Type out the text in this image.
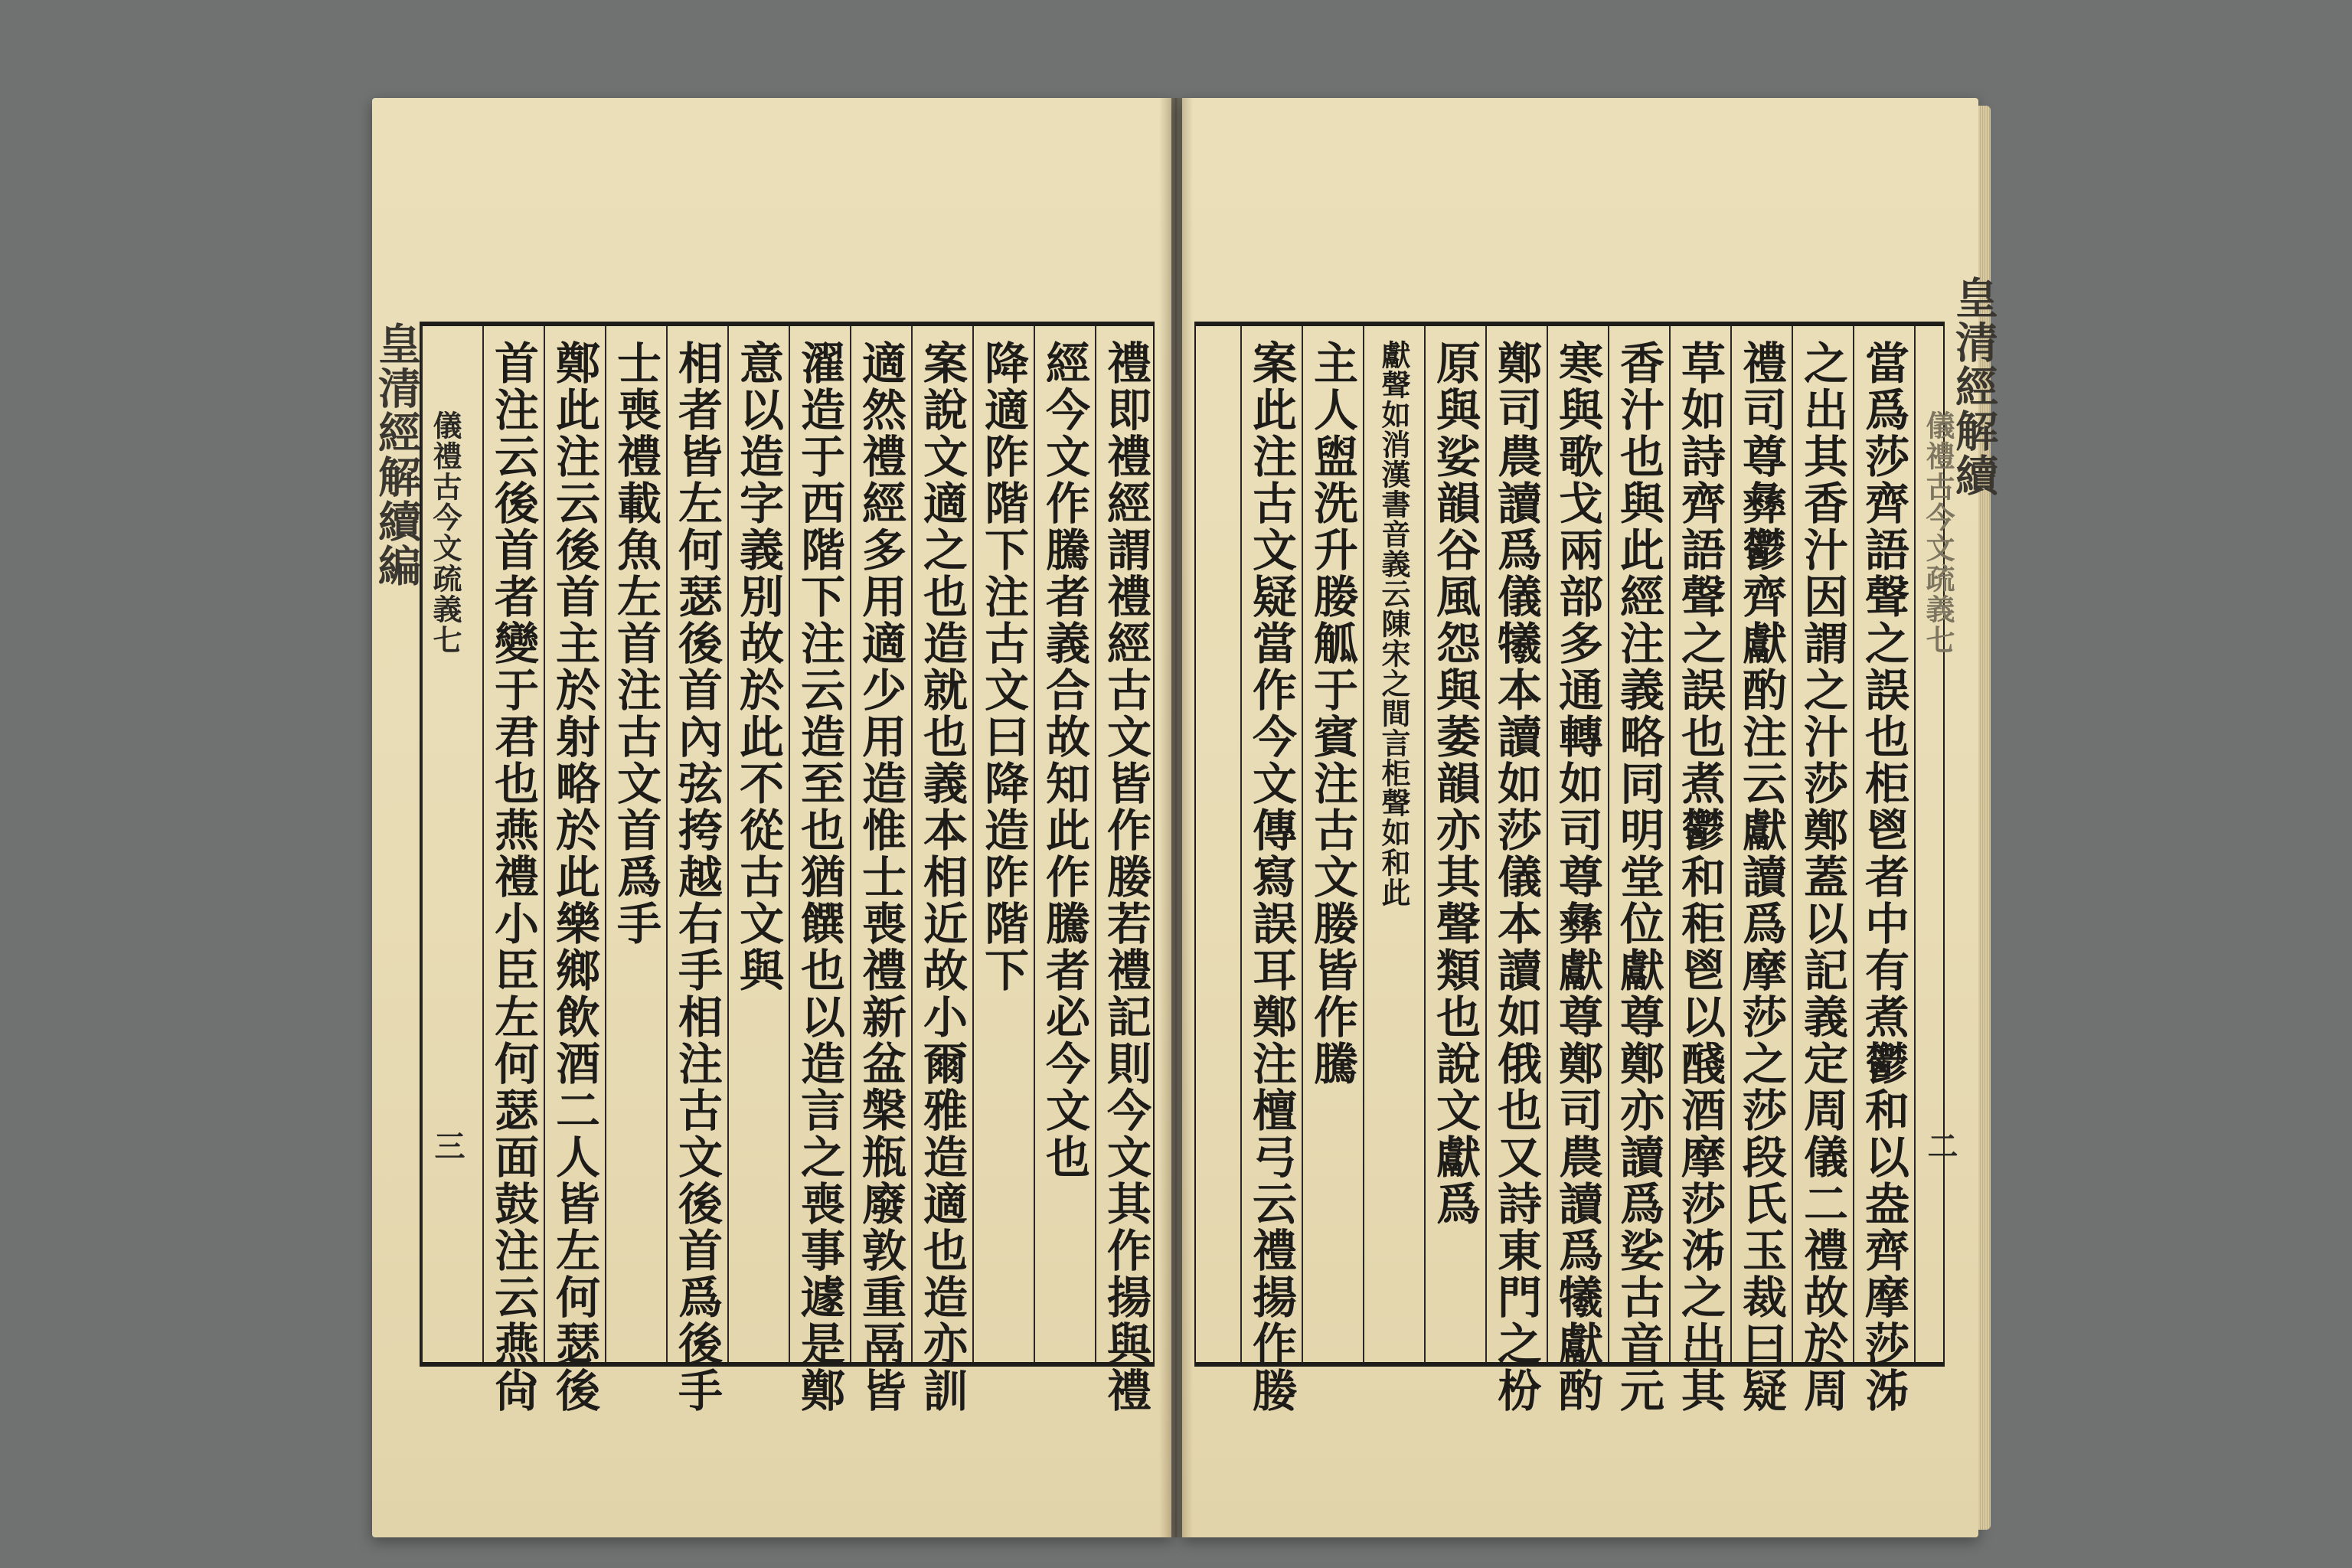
皇清經解續
皇清經解續編 儀禮古今文疏義七
三	禮即禮經謂禮經古文皆作媵若禮記則今文其作揚與禮
經今文作騰者義合故知此作騰者必今文也
降適阼階下注古文曰降造阼階下
案說文適之也造就也義本相近故小爾雅造適也造亦訓
適然禮經多用適少用造惟士喪禮新盆槃瓶廢敦重鬲皆
濯造于西階下注云造至也猶饌也以造言之喪事遽是鄭
意以造字義別故於此不從古文與
相者皆左何瑟後首內弦挎越右手相注古文後首爲後手
士喪禮載魚左首注古文首爲手
鄭此注云後首主於射略於此樂鄉飲酒二人皆左何瑟後
首注云後首者變于君也燕禮小臣左何瑟面鼓注云燕尙	儀禮古今文疏義七
二
當爲莎齊語聲之誤也柜鬯者中有煮鬱和以盎齊摩莎泲
之出其香汁因謂之汁莎鄭蓋以記義定周儀二禮故於周
禮司尊彝鬱齊獻酌注云獻讀爲摩莎之莎段氏玉裁曰疑
草如詩齊語聲之誤也煮鬱和秬鬯以醆酒摩莎泲之出其
香汁也與此經注義略同明堂位獻尊鄭亦讀爲娑古音元
寒與歌戈兩部多通轉如司尊彝獻尊鄭司農讀爲犧獻酌
鄭司農讀爲儀犧本讀如莎儀本讀如俄也又詩東門之枌
原與娑韻谷風怨與萎韻亦其聲類也說文獻爲
獻聲如消漢書音義云陳宋之間言柜聲如和此
主人盥洗升媵觚于賓注古文媵皆作騰
案此注古文疑當作今文傳寫誤耳鄭注檀弓云禮揚作媵
